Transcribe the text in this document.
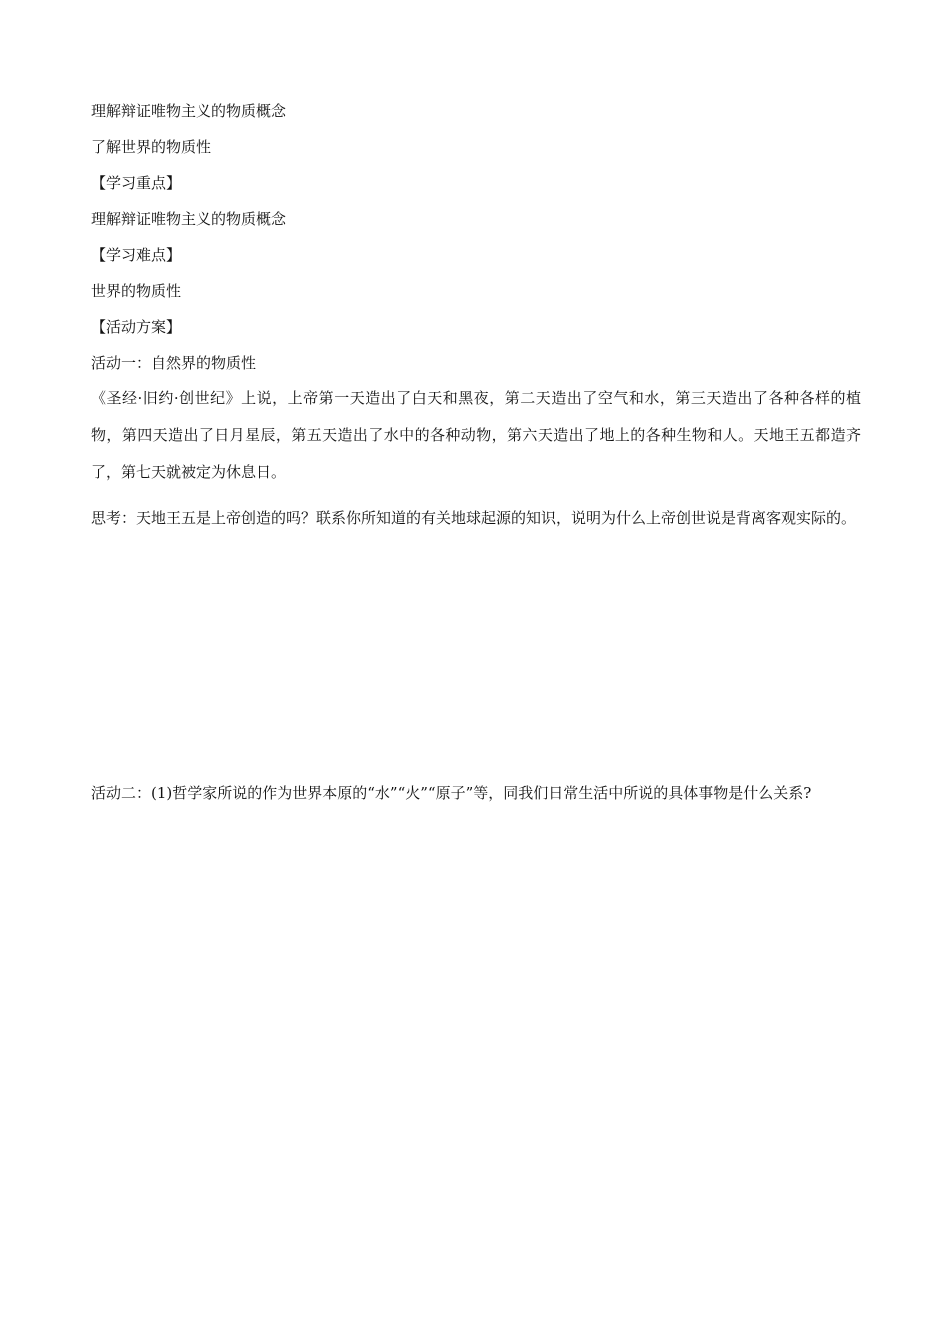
理解辩证唯物主义的物质概念
了解世界的物质性
【学习重点】
理解辩证唯物主义的物质概念
【学习难点】
世界的物质性
【活动方案】
活动一：自然界的物质性
《圣经·旧约·创世纪》上说，上帝第一天造出了白天和黑夜，第二天造出了空气和水，第三天造出了各种各样的植物，第四天造出了日月星辰，第五天造出了水中的各种动物，第六天造出了地上的各种生物和人。天地王五都造齐了，第七天就被定为休息日。
思考：天地王五是上帝创造的吗？联系你所知道的有关地球起源的知识，说明为什么上帝创世说是背离客观实际的。
活动二：(1)哲学家所说的作为世界本原的“水”“火”“原子”等，同我们日常生活中所说的具体事物是什么关系?
